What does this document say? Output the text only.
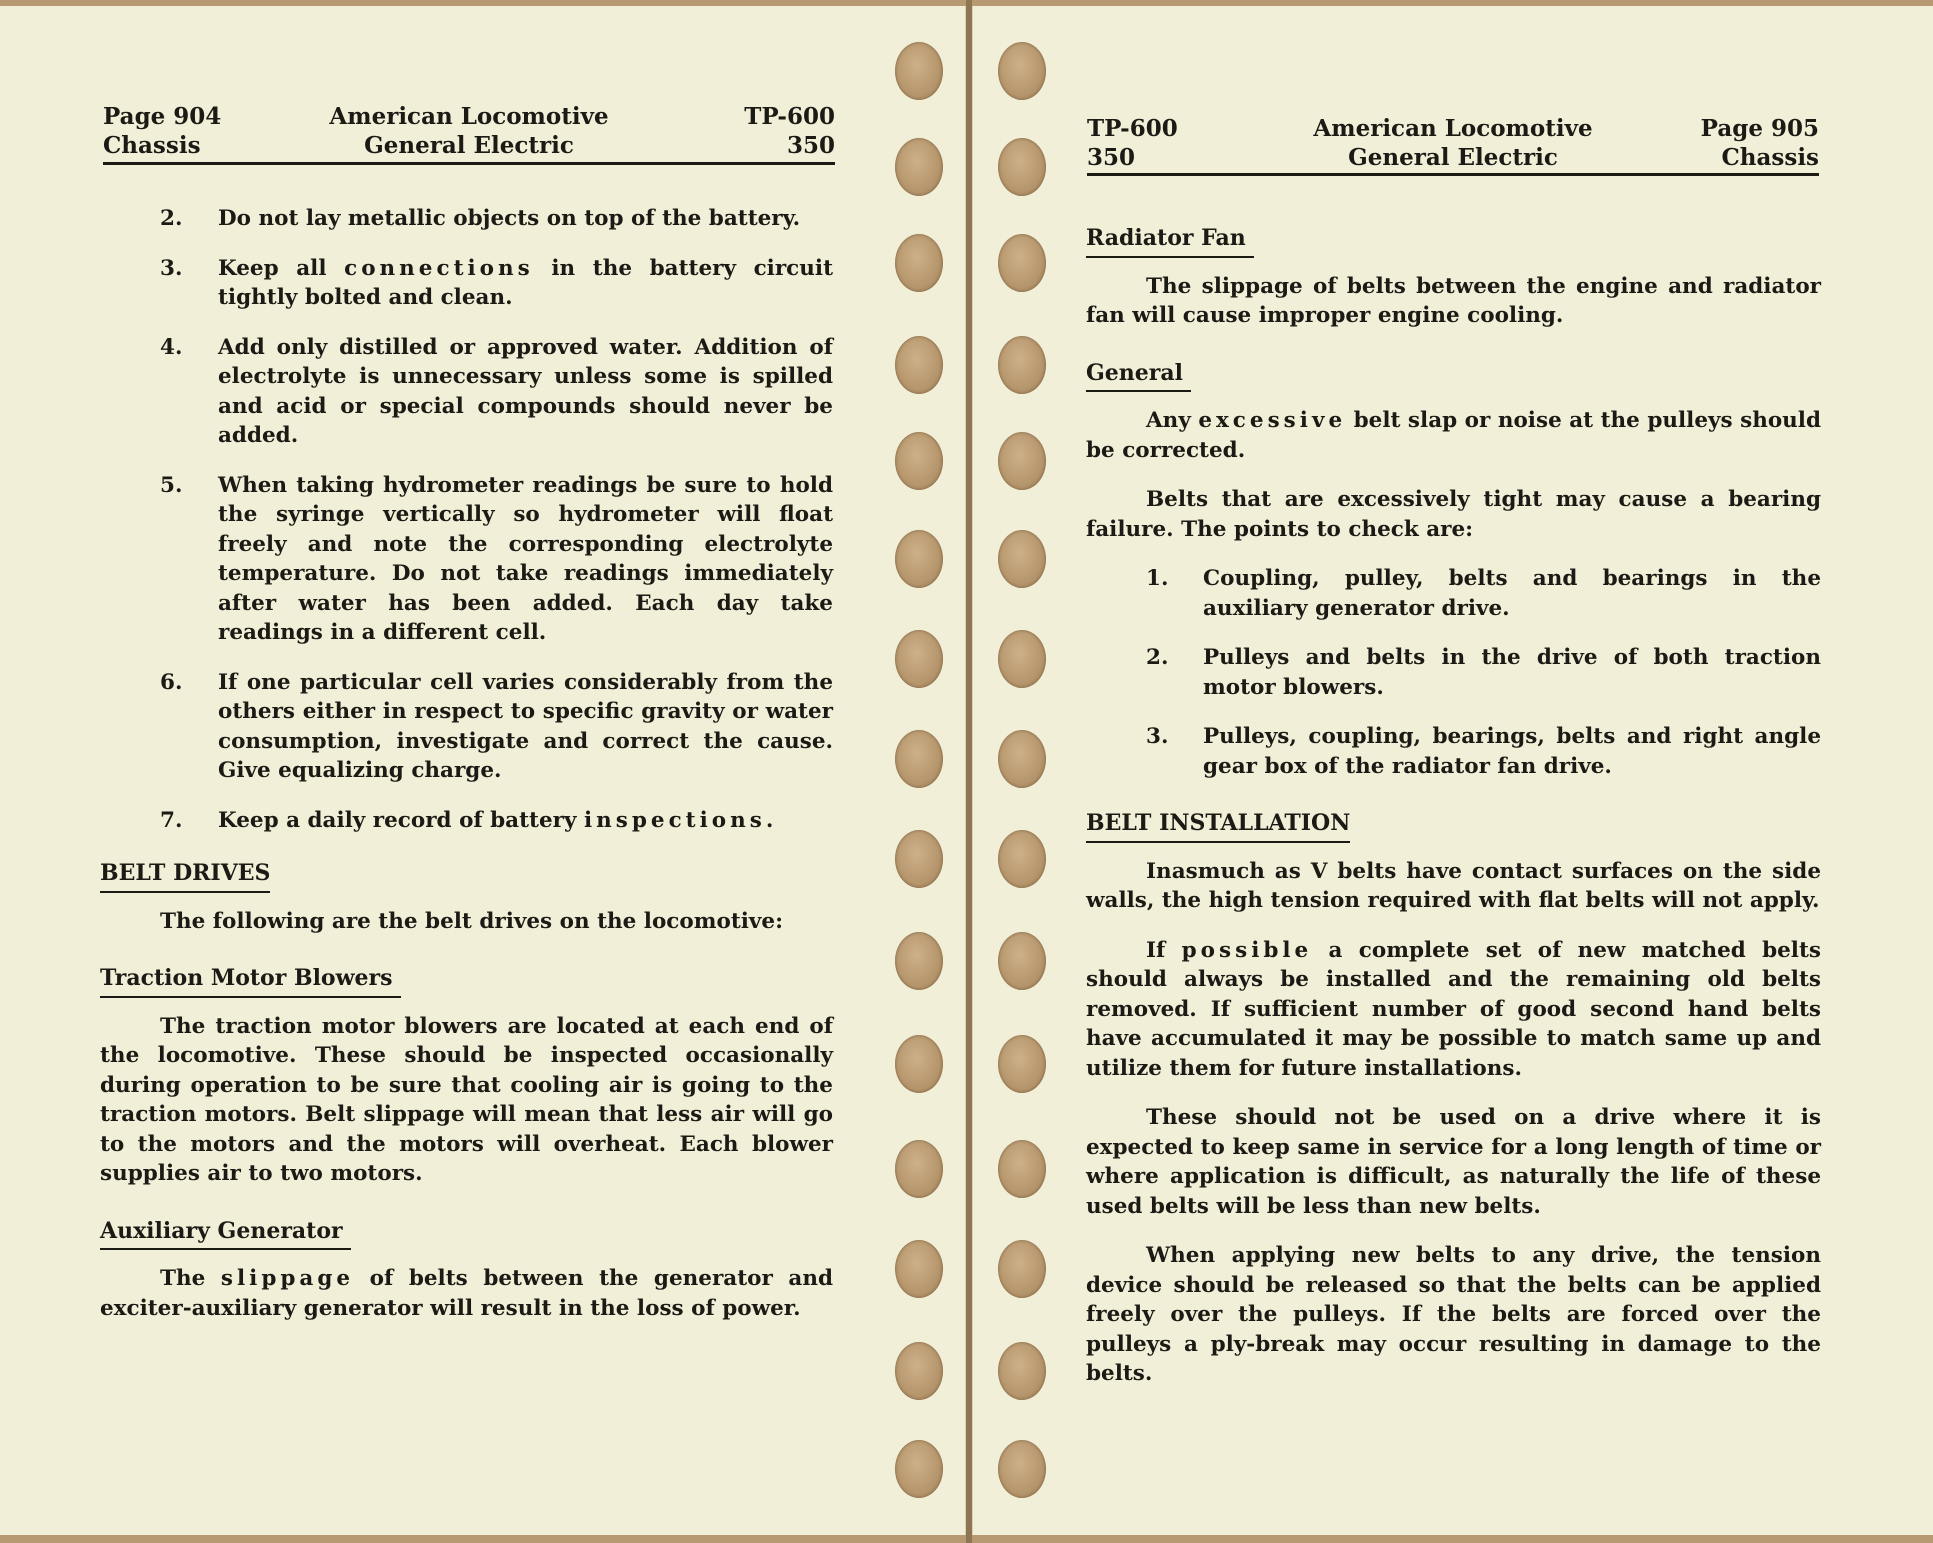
Page 904
Chassis
American Locomotive
General Electric
TP-600
350
2.	Do not lay metallic objects on top of the battery.
3.	Keep all connections in the battery circuit tightly bolted and clean.
4.	Add only distilled or approved water. Addition of electrolyte is unnecessary unless some is spilled and acid or special compounds should never be added.
5.	When taking hydrometer readings be sure to hold the syringe vertically so hydrometer will float freely and note the corresponding electrolyte temperature. Do not take readings immediately after water has been added. Each day take readings in a different cell.
6.	If one particular cell varies considerably from the others either in respect to specific gravity or water consumption, investigate and correct the cause. Give equalizing charge.
7.	Keep a daily record of battery inspections.
BELT DRIVES

The following are the belt drives on the locomotive:

Traction Motor Blowers

The traction motor blowers are located at each end of the locomotive. These should be inspected occasionally during operation to be sure that cooling air is going to the traction motors. Belt slippage will mean that less air will go to the motors and the motors will overheat. Each blower supplies air to two motors.

Auxiliary Generator

The slippage of belts between the generator and exciter-auxiliary generator will result in the loss of power.

TP-600
350
American Locomotive
General Electric
Page 905
Chassis
Radiator Fan

The slippage of belts between the engine and radiator fan will cause improper engine cooling.

General

Any excessive belt slap or noise at the pulleys should be corrected.

Belts that are excessively tight may cause a bearing failure. The points to check are:

1.	Coupling, pulley, belts and bearings in the auxiliary generator drive.
2.	Pulleys and belts in the drive of both traction motor blowers.
3.	Pulleys, coupling, bearings, belts and right angle gear box of the radiator fan drive.
BELT INSTALLATION

Inasmuch as V belts have contact surfaces on the side walls, the high tension required with flat belts will not apply.

If possible a complete set of new matched belts should always be installed and the remaining old belts removed. If sufficient number of good second hand belts have accumulated it may be possible to match same up and utilize them for future installations.

These should not be used on a drive where it is expected to keep same in service for a long length of time or where application is difficult, as naturally the life of these used belts will be less than new belts.

When applying new belts to any drive, the tension device should be released so that the belts can be applied freely over the pulleys. If the belts are forced over the pulleys a ply-break may occur resulting in damage to the belts.
